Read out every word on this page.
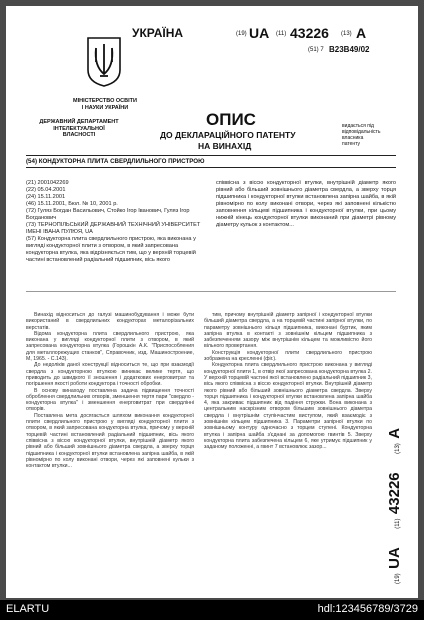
УКРАЇНА	(19) UA (11) 43226 (13) A
(51) 7 B23B49/02
МІНІСТЕРСТВО ОСВІТИ
І НАУКИ УКРАЇНИ
ДЕРЖАВНИЙ ДЕПАРТАМЕНТ
ІНТЕЛЕКТУАЛЬНОЇ
ВЛАСНОСТІ
ОПИС
ДО ДЕКЛАРАЦІЙНОГО ПАТЕНТУ
НА ВИНАХІД
видається під
відповідальність
власника
патенту
(54) КОНДУКТОРНА ПЛИТА СВЕРДЛИЛЬНОГО ПРИСТРОЮ
(21) 2001042269
(22) 05.04.2001
(24) 15.11.2001
(46) 15.11.2001, Бюл. № 10, 2001 р.
(72) Гуляз Богдан Васильович, Стойко Ігор Іванович, Гуляз Ігор Богданович
(73) ТЕРНОПІЛЬСЬКИЙ ДЕРЖАВНИЙ ТЕХНІЧНИЙ УНІВЕРСИТЕТ ІМЕНІ ІВАНА ПУЛЮЯ, UA
(57) Кондукторна плита свердлильного пристрою, яка виконана у вигляді кондукторної плити з отвором, в який запресована кондукторна втулка, яка відрізняється тим, що у верхній торцевій частині встановлений радіальний підшипник, вісь якого
співвісна з віссю кондукторної втулки, внутрішній діаметр якого рівний або більший зовнішнього діаметра свердла, а зверху торця підшипника і кондукторної втулки встановлена запірна шайба, в якій рівномірно по колу виконані отвори, через які заповнені кількістю заповнення кільцеві підшипника і кондукторної втулки, при цьому нижній кінець кондукторної втулки виконаний при діаметрі рівному діаметру кульок з контактом...

Винахід відноситься до галузі машинобудування і може бути використаний в свердлильних кондукторах металорізальних верстатів.

Відома кондукторна плита свердлильного пристрою, яка виконана у вигляді кондукторної плити з отвором, в який запресована кондукторна втулка (Горошкін А.К. "Приспособления для металлорежущих станков", Справочник, изд. Машиностроение, М, 1965. - С.143).

До недоліків даної конструкції відноситься те, що при взаємодії свердла з кондукторною втулкою виникає велике тертя, що приводить до швидкого її зношення і додаткових енерговитрат та погіршення якості роботи кондуктора і точності обробки.

В основу винаходу поставлена задача підвищення точності оброблення свердлильних отворів, зменшення тертя пари "свердло - кондукторна втулка" і зменшення енерговитрат при свердлінні отворів.

Поставлена мета досягається шляхом виконання кондукторної плити свердлильного пристрою у вигляді кондукторної плити з отвором, в який запресована кондукторна втулка, причому у верхній торцевій частині встановлений радіальний підшипник, вісь якого співвісна з віссю кондукторної втулки, внутрішній діаметр якого рівний або більший зовнішнього діаметра свердла, а зверху торця підшипника і кондукторної втулки встановлена запірна шайба, в якій рівномірно по колу виконані отвори, через які заповнені кульки з контактом втулки...

тим, причому внутрішній діаметр запірної і кондукторної втулки більший діаметра свердла, а на торцевій частині запірної втулки, по параметру зовнішнього кільця підшипника, виконані буртик, яким запірна втулка в контакті з зовнішнім кільцем підшипника з забезпеченням зазору між внутрішнім кільцем та можливістю його вільного провертання.

Конструкція кондукторної плити свердлильного пристрою зображена на кресленні (фіг.).

Кондукторна плита свердлильного пристрою виконана у вигляді кондукторної плити 1, в отвір якої запресована кондукторна втулка 2. У верхній торцевій частині якої встановлено радіальний підшипник 3, вісь якого співвісна з віссю кондукторної втулки. Внутрішній діаметр якого рівний або більший зовнішнього діаметра свердла. Зверху торця підшипника і кондукторної втулки встановлена запірна шайба 4, яка закриває підшипник від падіння стружки. Вона виконана з центральним наскрізним отвором більшим зовнішнього діаметра свердла і внутрішнім ступінчастим виступом, який взаємодіє з зовнішнім кільцем підшипника 3. Параметри запірної втулки по зовнішньому контуру одночасно з торцем ступені. Кондукторна втулка і запірна шайба з'єднані за допомогою гвинтів 5. Зверху кондукторна плита забезпечена кільцем 6, яке утримує підшипник у заданому положенні, а гвинт 7 встановлює зазор...

(19) UA (11) 43226 (13) A
ELARTU	hdl:123456789/3729
